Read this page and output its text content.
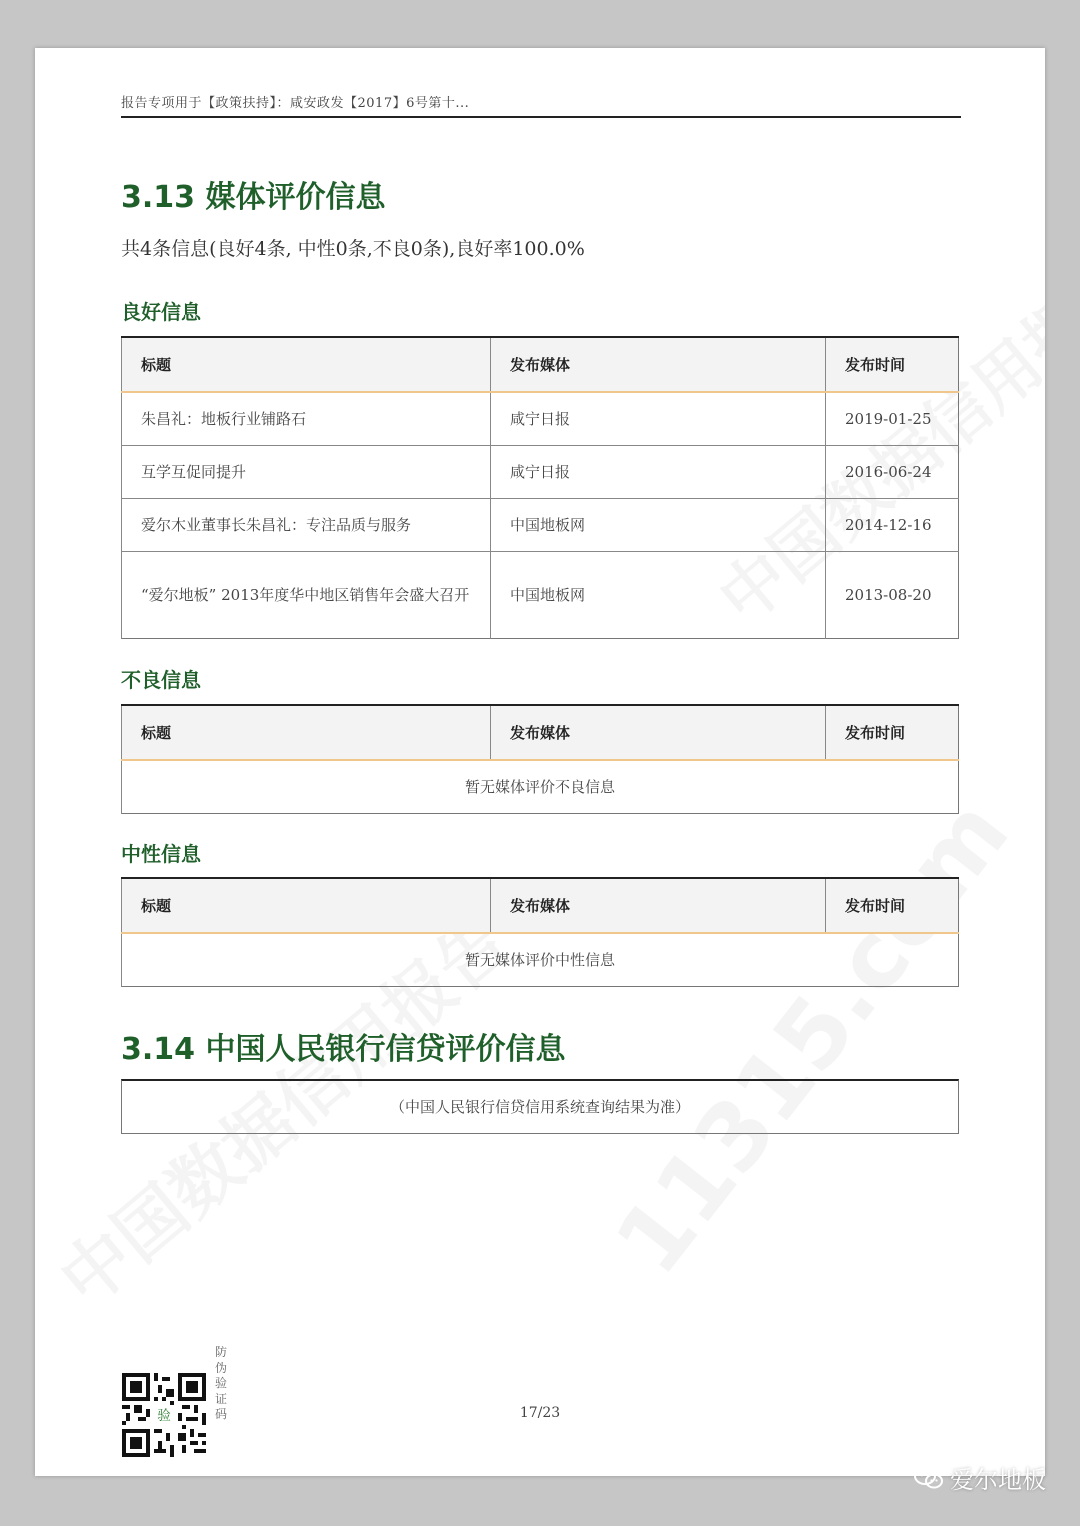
报告专项用于【政策扶持】：咸安政发【2017】6号第十...
3.13 媒体评价信息
共4条信息(良好4条, 中性0条,不良0条),良好率100.0%
良好信息
标题	发布媒体	发布时间
朱昌礼：地板行业铺路石	咸宁日报	2019-01-25
互学互促同提升	咸宁日报	2016-06-24
爱尔木业董事长朱昌礼：专注品质与服务	中国地板网	2014-12-16
“爱尔地板” 2013年度华中地区销售年会盛大召开	中国地板网	2013-08-20
不良信息
标题	发布媒体	发布时间
暂无媒体评价不良信息
中性信息
标题	发布媒体	发布时间
暂无媒体评价中性信息
3.14 中国人民银行信贷评价信息
（中国人民银行信贷信用系统查询结果为准）
验
防伪验证码	17/23
爱尔地板
